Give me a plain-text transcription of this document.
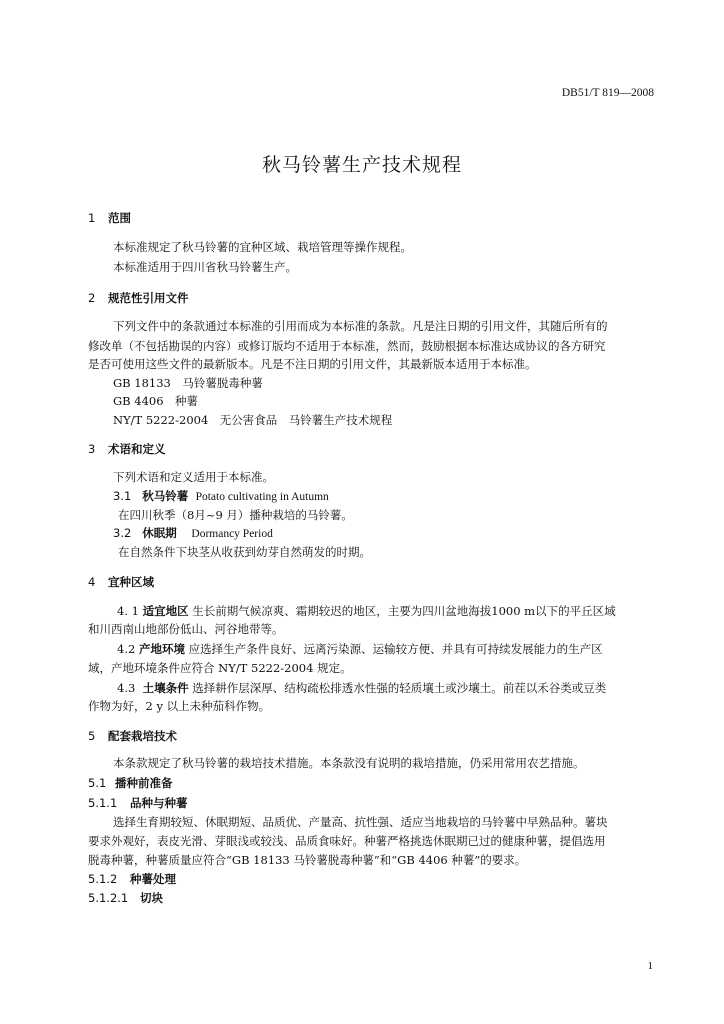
DB51/T 819—2008
秋马铃薯生产技术规程
1 范围
本标准规定了秋马铃薯的宜种区域、栽培管理等操作规程。
本标准适用于四川省秋马铃薯生产。
2 规范性引用文件
下列文件中的条款通过本标准的引用而成为本标准的条款。凡是注日期的引用文件，其随后所有的
修改单（不包括勘误的内容）或修订版均不适用于本标准，然而，鼓励根据本标准达成协议的各方研究
是否可使用这些文件的最新版本。凡是不注日期的引用文件，其最新版本适用于本标准。
GB 18133　马铃薯脱毒种薯
GB 4406　种薯
NY/T 5222-2004　无公害食品　马铃薯生产技术规程
3 术语和定义
下列术语和定义适用于本标准。
3.1 秋马铃薯 Potato cultivating in Autumn
在四川秋季（8月~9 月）播种栽培的马铃薯。
3.2 休眠期 Dormancy Period
在自然条件下块茎从收获到幼芽自然萌发的时期。
4 宜种区域
4. 1 适宜地区 生长前期气候凉爽、霜期较迟的地区，主要为四川盆地海拔1000 m以下的平丘区域
和川西南山地部份低山、河谷地带等。
4.2 产地环境 应选择生产条件良好、远离污染源、运输较方便、并具有可持续发展能力的生产区
域，产地环境条件应符合 NY/T 5222-2004 规定。
4.3 土壤条件 选择耕作层深厚、结构疏松排透水性强的轻质壤土或沙壤土。前茬以禾谷类或豆类
作物为好，2 y 以上未种茄科作物。
5 配套栽培技术
本条款规定了秋马铃薯的栽培技术措施。本条款没有说明的栽培措施，仍采用常用农艺措施。
5.1 播种前准备
5.1.1 品种与种薯
选择生育期较短、休眠期短、品质优、产量高、抗性强、适应当地栽培的马铃薯中早熟品种。薯块
要求外观好，表皮光滑、芽眼浅或较浅、品质食味好。种薯严格挑选休眠期已过的健康种薯，提倡选用
脱毒种薯，种薯质量应符合“GB 18133 马铃薯脱毒种薯”和“GB 4406 种薯”的要求。
5.1.2 种薯处理
5.1.2.1 切块
1
